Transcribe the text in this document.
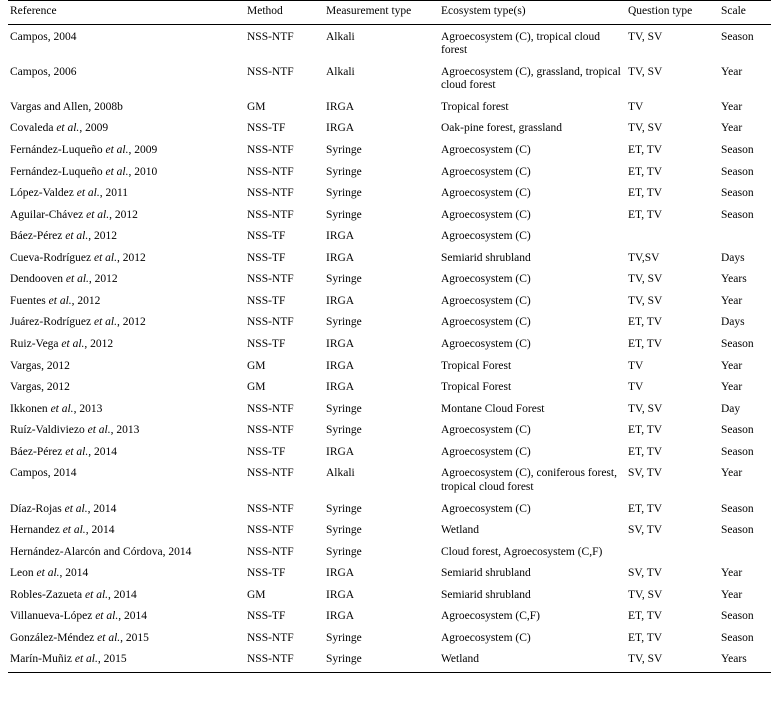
Reference	Method	Measurement type	Ecosystem type(s)	Question type	Scale
Campos, 2004	NSS-NTF	Alkali	Agroecosystem (C), tropical cloud forest	TV, SV	Season
Campos, 2006	NSS-NTF	Alkali	Agroecosystem (C), grassland, tropical cloud forest	TV, SV	Year
Vargas and Allen, 2008b	GM	IRGA	Tropical forest	TV	Year
Covaleda et al., 2009	NSS-TF	IRGA	Oak-pine forest, grassland	TV, SV	Year
Fernández-Luqueño et al., 2009	NSS-NTF	Syringe	Agroecosystem (C)	ET, TV	Season
Fernández-Luqueño et al., 2010	NSS-NTF	Syringe	Agroecosystem (C)	ET, TV	Season
López-Valdez et al., 2011	NSS-NTF	Syringe	Agroecosystem (C)	ET, TV	Season
Aguilar-Chávez et al., 2012	NSS-NTF	Syringe	Agroecosystem (C)	ET, TV	Season
Báez-Pérez et al., 2012	NSS-TF	IRGA	Agroecosystem (C)		
Cueva-Rodríguez et al., 2012	NSS-TF	IRGA	Semiarid shrubland	TV,SV	Days
Dendooven et al., 2012	NSS-NTF	Syringe	Agroecosystem (C)	TV, SV	Years
Fuentes et al., 2012	NSS-TF	IRGA	Agroecosystem (C)	TV, SV	Year
Juárez-Rodríguez et al., 2012	NSS-NTF	Syringe	Agroecosystem (C)	ET, TV	Days
Ruiz-Vega et al., 2012	NSS-TF	IRGA	Agroecosystem (C)	ET, TV	Season
Vargas, 2012	GM	IRGA	Tropical Forest	TV	Year
Vargas, 2012	GM	IRGA	Tropical Forest	TV	Year
Ikkonen et al., 2013	NSS-NTF	Syringe	Montane Cloud Forest	TV, SV	Day
Ruíz-Valdiviezo et al., 2013	NSS-NTF	Syringe	Agroecosystem (C)	ET, TV	Season
Báez-Pérez et al., 2014	NSS-TF	IRGA	Agroecosystem (C)	ET, TV	Season
Campos, 2014	NSS-NTF	Alkali	Agroecosystem (C), coniferous forest, tropical cloud forest	SV, TV	Year
Díaz-Rojas et al., 2014	NSS-NTF	Syringe	Agroecosystem (C)	ET, TV	Season
Hernandez et al., 2014	NSS-NTF	Syringe	Wetland	SV, TV	Season
Hernández-Alarcón and Córdova, 2014	NSS-NTF	Syringe	Cloud forest, Agroecosystem (C,F)		
Leon et al., 2014	NSS-TF	IRGA	Semiarid shrubland	SV, TV	Year
Robles-Zazueta et al., 2014	GM	IRGA	Semiarid shrubland	TV, SV	Year
Villanueva-López et al., 2014	NSS-TF	IRGA	Agroecosystem (C,F)	ET, TV	Season
González-Méndez et al., 2015	NSS-NTF	Syringe	Agroecosystem (C)	ET, TV	Season
Marín-Muñiz et al., 2015	NSS-NTF	Syringe	Wetland	TV, SV	Years
